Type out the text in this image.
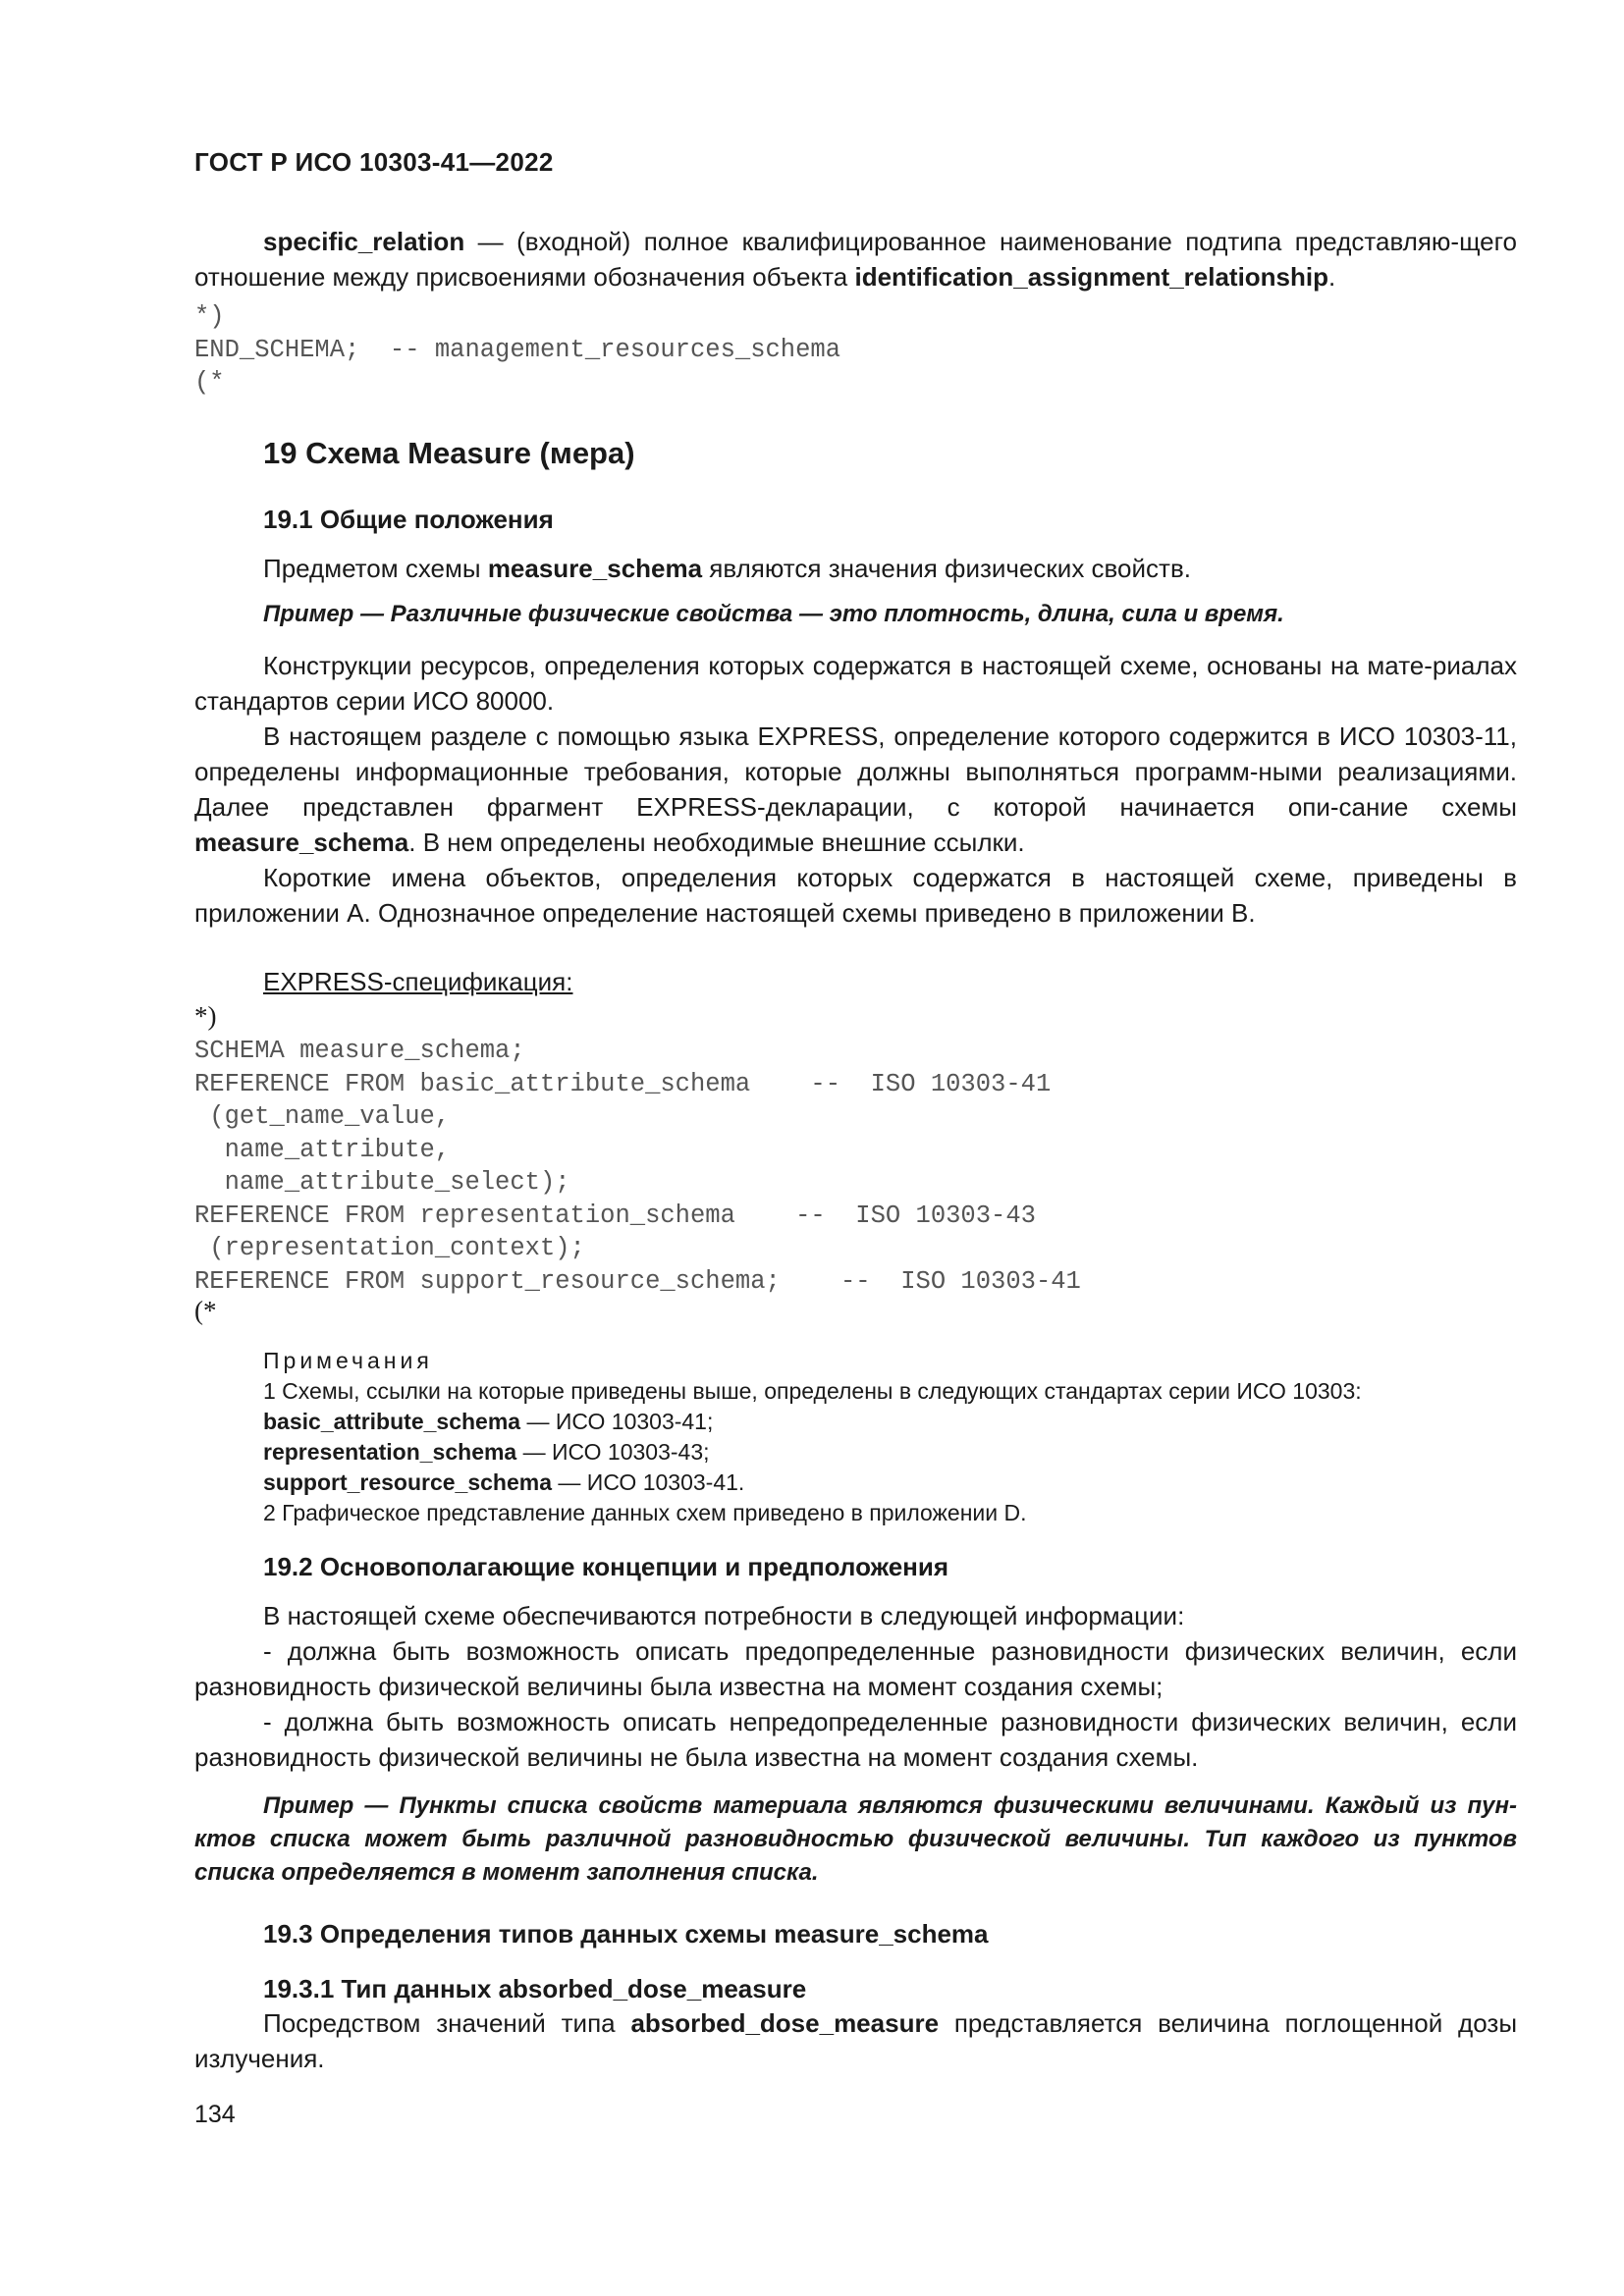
ГОСТ Р ИСО 10303-41—2022
specific_relation — (входной) полное квалифицированное наименование подтипа представляю-щего отношение между присвоениями обозначения объекта identification_assignment_relationship.
*)
END_SCHEMA;  -- management_resources_schema
(*
19 Схема Measure (мера)
19.1 Общие положения
Предметом схемы measure_schema являются значения физических свойств.
Пример — Различные физические свойства — это плотность, длина, сила и время.
Конструкции ресурсов, определения которых содержатся в настоящей схеме, основаны на мате-риалах стандартов серии ИСО 80000.
В настоящем разделе с помощью языка EXPRESS, определение которого содержится в ИСО 10303-11, определены информационные требования, которые должны выполняться программ-ными реализациями. Далее представлен фрагмент EXPRESS-декларации, с которой начинается опи-сание схемы measure_schema. В нем определены необходимые внешние ссылки.
Короткие имена объектов, определения которых содержатся в настоящей схеме, приведены в приложении А. Однозначное определение настоящей схемы приведено в приложении В.
EXPRESS-спецификация:
*)
SCHEMA measure_schema;
REFERENCE FROM basic_attribute_schema    --  ISO 10303-41
(get_name_value,
name_attribute,
name_attribute_select);
REFERENCE FROM representation_schema    --  ISO 10303-43
(representation_context);
REFERENCE FROM support_resource_schema;    --  ISO 10303-41
(*
Примечания
1 Схемы, ссылки на которые приведены выше, определены в следующих стандартах серии ИСО 10303:
basic_attribute_schema — ИСО 10303-41;
representation_schema — ИСО 10303-43;
support_resource_schema — ИСО 10303-41.
2 Графическое представление данных схем приведено в приложении D.
19.2 Основополагающие концепции и предположения
В настоящей схеме обеспечиваются потребности в следующей информации:
- должна быть возможность описать предопределенные разновидности физических величин, если разновидность физической величины была известна на момент создания схемы;
- должна быть возможность описать непредопределенные разновидности физических величин, если разновидность физической величины не была известна на момент создания схемы.
Пример — Пункты списка свойств материала являются физическими величинами. Каждый из пун-ктов списка может быть различной разновидностью физической величины. Тип каждого из пунктов списка определяется в момент заполнения списка.
19.3 Определения типов данных схемы measure_schema
19.3.1 Тип данных absorbed_dose_measure
Посредством значений типа absorbed_dose_measure представляется величина поглощенной дозы излучения.
134
